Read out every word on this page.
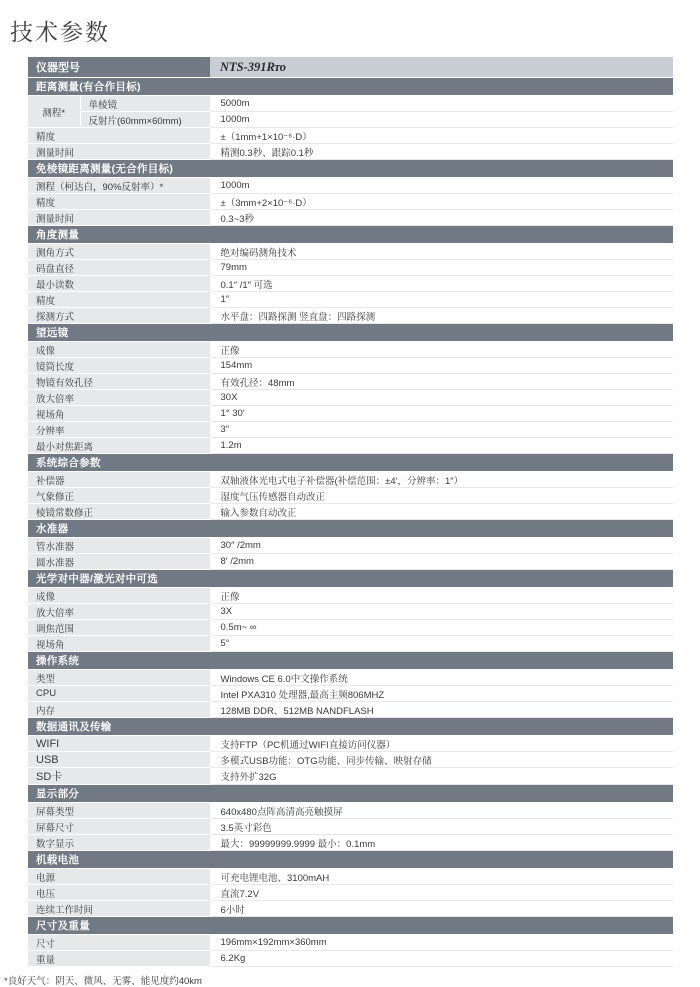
技术参数
仪器型号		NTS-391Rᴛᴏ
距离测量(有合作目标)		
测程*	单棱镜	5000m
	反射片(60mm×60mm)	1000m
精度		±（1mm+1×10⁻⁶·D）
测量时间		精测0.3秒、跟踪0.1秒
免棱镜距离测量(无合作目标)		
测程（柯达白，90%反射率）*		1000m
精度		±（3mm+2×10⁻⁶·D）
测量时间		0.3~3秒
角度测量		
测角方式		绝对编码测角技术
码盘直径		79mm
最小读数		0.1″ /1″ 可选
精度		1″
探测方式		水平盘：四路探测 竖直盘：四路探测
望远镜		
成像		正像
镜筒长度		154mm
物镜有效孔径		有效孔径：48mm
放大倍率		30X
视场角		1° 30′
分辨率		3″
最小对焦距离		1.2m
系统综合参数		
补偿器		双轴液体光电式电子补偿器(补偿范围：±4′，分辨率：1″）
气象修正		湿度气压传感器自动改正
棱镜常数修正		输入参数自动改正
水准器		
管水准器		30″ /2mm
圆水准器		8′ /2mm
光学对中器/激光对中可选		
成像		正像
放大倍率		3X
调焦范围		0.5m~ ∞
视场角		5°
操作系统		
类型		Windows CE 6.0中文操作系统
CPU		Intel PXA310 处理器,最高主频806MHZ
内存		128MB DDR、512MB NANDFLASH
数据通讯及传输		
WIFI		支持FTP（PC机通过WIFI直接访问仪器）
USB		多模式USB功能：OTG功能、同步传输、映射存储
SD卡		支持外扩32G
显示部分		
屏幕类型		640x480点阵高清高亮触摸屏
屏幕尺寸		3.5英寸彩色
数字显示		最大：99999999.9999 最小：0.1mm
机载电池		
电源		可充电锂电池、3100mAH
电压		直流7.2V
连续工作时间		6小时
尺寸及重量		
尺寸		196mm×192mm×360mm
重量		6.2Kg
*良好天气：阴天、微风、无雾、能见度约40km
